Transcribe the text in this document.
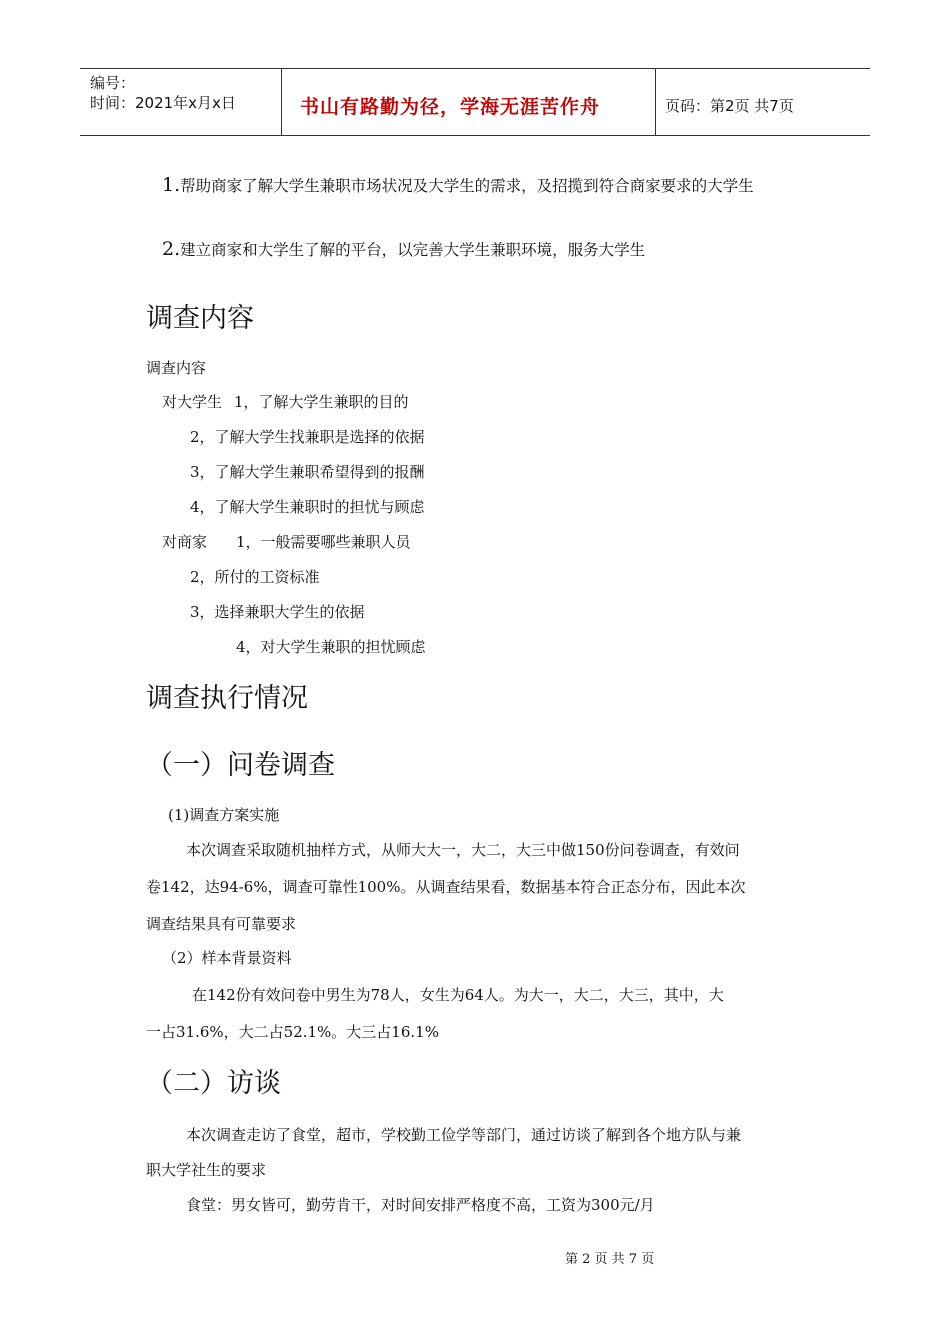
编号：
时间：2021年x月x日	书山有路勤为径，学海无涯苦作舟	页码：第2页 共7页
1.帮助商家了解大学生兼职市场状况及大学生的需求，及招揽到符合商家要求的大学生
2.建立商家和大学生了解的平台，以完善大学生兼职环境，服务大学生
调查内容
调查内容
对大学生 1，了解大学生兼职的目的
2，了解大学生找兼职是选择的依据
3，了解大学生兼职希望得到的报酬
4，了解大学生兼职时的担忧与顾虑
对商家 1，一般需要哪些兼职人员
2，所付的工资标准
3，选择兼职大学生的依据
4，对大学生兼职的担忧顾虑
调查执行情况
（一）问卷调查
(1)调查方案实施
本次调查采取随机抽样方式，从师大大一，大二，大三中做150份问卷调查，有效问
卷142，达94-6%，调查可靠性100%。从调查结果看，数据基本符合正态分布，因此本次
调查结果具有可靠要求
（2）样本背景资料
在142份有效问卷中男生为78人，女生为64人。为大一，大二，大三，其中，大
一占31.6%，大二占52.1%。大三占16.1%
（二）访谈
本次调查走访了食堂，超市，学校勤工俭学等部门，通过访谈了解到各个地方队与兼
职大学社生的要求
食堂：男女皆可，勤劳肯干，对时间安排严格度不高，工资为300元/月
第 2 页 共 7 页
